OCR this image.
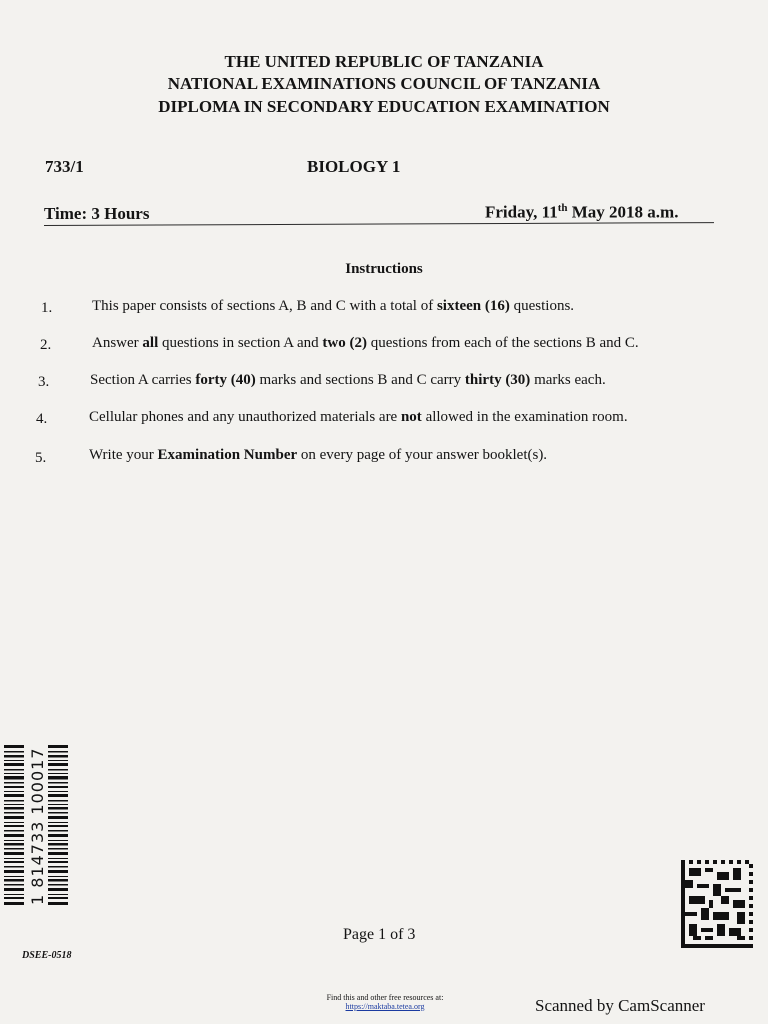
THE UNITED REPUBLIC OF TANZANIA
NATIONAL EXAMINATIONS COUNCIL OF TANZANIA
DIPLOMA IN SECONDARY EDUCATION EXAMINATION
733/1	BIOLOGY 1
Time: 3 Hours	Friday, 11th May 2018 a.m.
Instructions
1.	This paper consists of sections A, B and C with a total of sixteen (16) questions.
2.	Answer all questions in section A and two (2) questions from each of the sections B and C.
3.	Section A carries forty (40) marks and sections B and C carry thirty (30) marks each.
4.	Cellular phones and any unauthorized materials are not allowed in the examination room.
5.	Write your Examination Number on every page of your answer booklet(s).
1 814733 100017
Page 1 of 3
DSEE-0518
Find this and other free resources at:
https://maktaba.tetea.org	Scanned by CamScanner
